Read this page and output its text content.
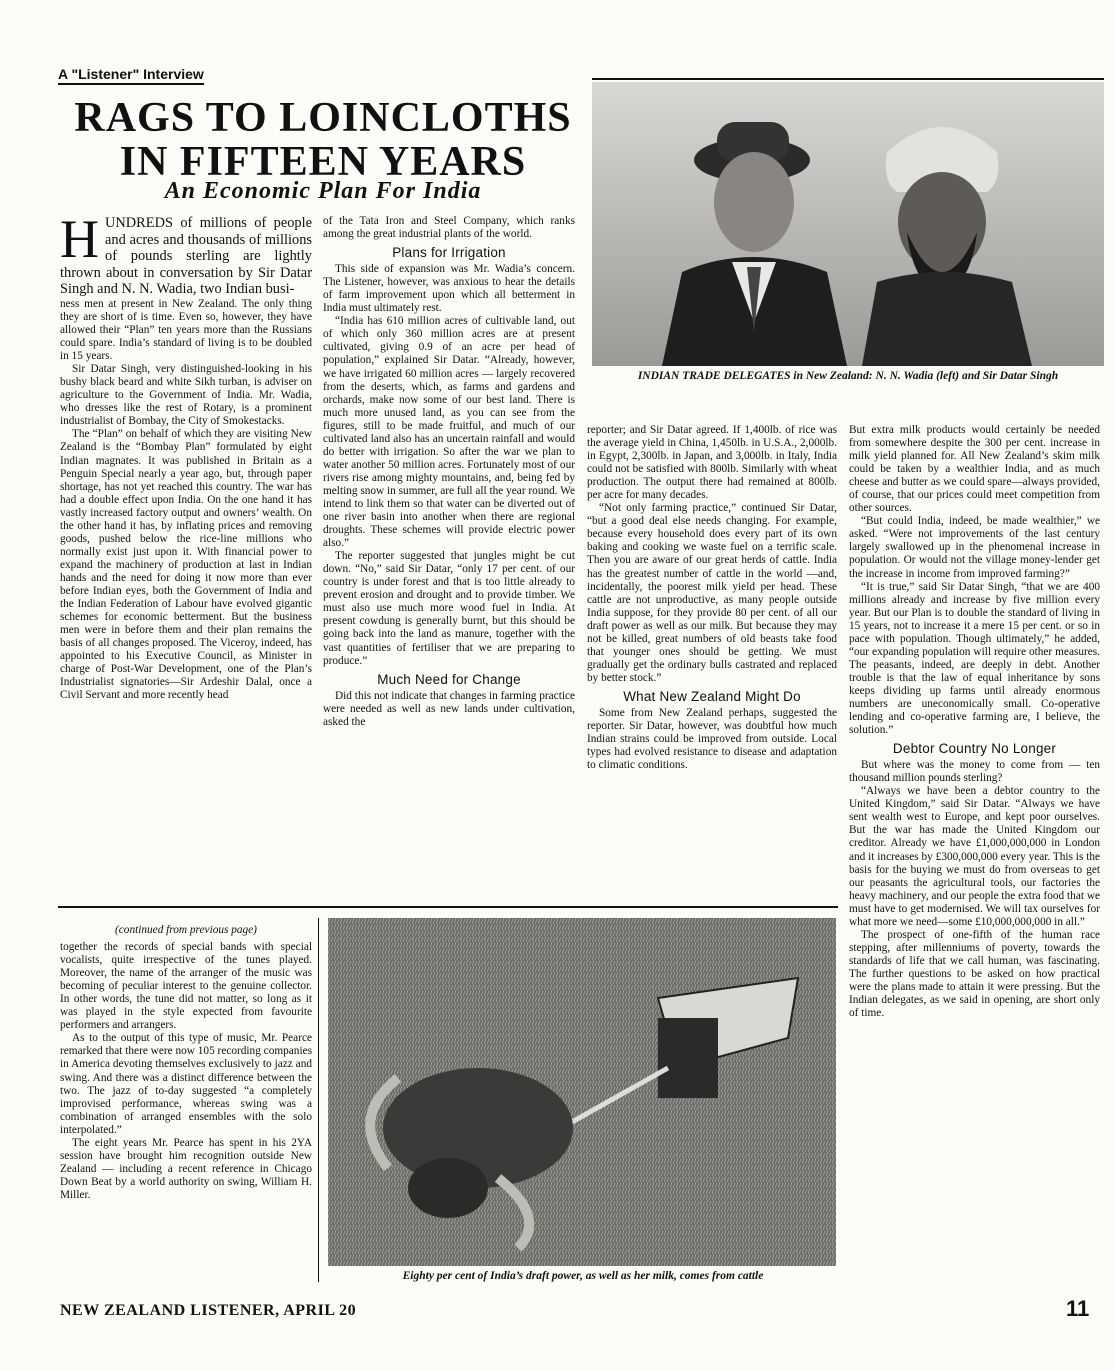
A "Listener" Interview
RAGS TO LOINCLOTHS
IN FIFTEEN YEARS
An Economic Plan For India

HUNDREDS of millions of people and acres and thousands of millions of pounds sterling are lightly thrown about in conversation by Sir Datar Singh and N. N. Wadia, two Indian busi-

ness men at present in New Zealand. The only thing they are short of is time. Even so, however, they have allowed their “Plan” ten years more than the Russians could spare. India’s standard of living is to be doubled in 15 years.

Sir Datar Singh, very distinguished-looking in his bushy black beard and white Sikh turban, is adviser on agriculture to the Government of India. Mr. Wadia, who dresses like the rest of Rotary, is a prominent industrialist of Bombay, the City of Smokestacks.

The “Plan” on behalf of which they are visiting New Zealand is the “Bombay Plan” formulated by eight Indian magnates. It was published in Britain as a Penguin Special nearly a year ago, but, through paper shortage, has not yet reached this country. The war has had a double effect upon India. On the one hand it has vastly increased factory output and owners’ wealth. On the other hand it has, by inflating prices and removing goods, pushed below the rice-line millions who normally exist just upon it. With financial power to expand the machinery of production at last in Indian hands and the need for doing it now more than ever before Indian eyes, both the Government of India and the Indian Federation of Labour have evolved gigantic schemes for economic betterment. But the business men were in before them and their plan remains the basis of all changes proposed. The Viceroy, indeed, has appointed to his Executive Council, as Minister in charge of Post-War Development, one of the Plan’s Industrialist signatories—Sir Ardeshir Dalal, once a Civil Servant and more recently head

of the Tata Iron and Steel Company, which ranks among the great industrial plants of the world.

Plans for Irrigation

This side of expansion was Mr. Wadia’s concern. The Listener, however, was anxious to hear the details of farm improvement upon which all betterment in India must ultimately rest.

“India has 610 million acres of cultivable land, out of which only 360 million acres are at present cultivated, giving 0.9 of an acre per head of population,” explained Sir Datar. “Already, however, we have irrigated 60 million acres — largely recovered from the deserts, which, as farms and gardens and orchards, make now some of our best land. There is much more unused land, as you can see from the figures, still to be made fruitful, and much of our cultivated land also has an uncertain rainfall and would do better with irrigation. So after the war we plan to water another 50 million acres. Fortunately most of our rivers rise among mighty mountains, and, being fed by melting snow in summer, are full all the year round. We intend to link them so that water can be diverted out of one river basin into another when there are regional droughts. These schemes will provide electric power also.”

The reporter suggested that jungles might be cut down. “No,” said Sir Datar, “only 17 per cent. of our country is under forest and that is too little already to prevent erosion and drought and to provide timber. We must also use much more wood fuel in India. At present cowdung is generally burnt, but this should be going back into the land as manure, together with the vast quantities of fertiliser that we are preparing to produce.”

Much Need for Change

Did this not indicate that changes in farming practice were needed as well as new lands under cultivation, asked the

INDIAN TRADE DELEGATES in New Zealand: N. N. Wadia (left) and Sir Datar Singh

reporter; and Sir Datar agreed. If 1,400lb. of rice was the average yield in China, 1,450lb. in U.S.A., 2,000lb. in Egypt, 2,300lb. in Japan, and 3,000lb. in Italy, India could not be satisfied with 800lb. Similarly with wheat production. The output there had remained at 800lb. per acre for many decades.

“Not only farming practice,” continued Sir Datar, “but a good deal else needs changing. For example, because every household does every part of its own baking and cooking we waste fuel on a terrific scale. Then you are aware of our great herds of cattle. India has the greatest number of cattle in the world —and, incidentally, the poorest milk yield per head. These cattle are not unproductive, as many people outside India suppose, for they provide 80 per cent. of all our draft power as well as our milk. But because they may not be killed, great numbers of old beasts take food that younger ones should be getting. We must gradually get the ordinary bulls castrated and replaced by better stock.”

What New Zealand Might Do

Some from New Zealand perhaps, suggested the reporter. Sir Datar, however, was doubtful how much Indian strains could be improved from outside. Local types had evolved resistance to disease and adaptation to climatic conditions.

But extra milk products would certainly be needed from somewhere despite the 300 per cent. increase in milk yield planned for. All New Zealand’s skim milk could be taken by a wealthier India, and as much cheese and butter as we could spare—always provided, of course, that our prices could meet competition from other sources.

“But could India, indeed, be made wealthier,” we asked. “Were not improvements of the last century largely swallowed up in the phenomenal increase in population. Or would not the village money-lender get the increase in income from improved farming?”

“It is true,” said Sir Datar Singh, “that we are 400 millions already and increase by five million every year. But our Plan is to double the standard of living in 15 years, not to increase it a mere 15 per cent. or so in pace with population. Though ultimately,” he added, “our expanding population will require other measures. The peasants, indeed, are deeply in debt. Another trouble is that the law of equal inheritance by sons keeps dividing up farms until already enormous numbers are uneconomically small. Co-operative lending and co-operative farming are, I believe, the solution.”

Debtor Country No Longer

But where was the money to come from — ten thousand million pounds sterling?

“Always we have been a debtor country to the United Kingdom,” said Sir Datar. “Always we have sent wealth west to Europe, and kept poor ourselves. But the war has made the United Kingdom our creditor. Already we have £1,000,000,000 in London and it increases by £300,000,000 every year. This is the basis for the buying we must do from overseas to get our peasants the agricultural tools, our factories the heavy machinery, and our people the extra food that we must have to get modernised. We will tax ourselves for what more we need—some £10,000,000,000 in all.”

The prospect of one-fifth of the human race stepping, after millenniums of poverty, towards the standards of life that we call human, was fascinating. The further questions to be asked on how practical were the plans made to attain it were pressing. But the Indian delegates, as we said in opening, are short only of time.

(continued from previous page)

together the records of special bands with special vocalists, quite irrespective of the tunes played. Moreover, the name of the arranger of the music was becoming of peculiar interest to the genuine collector. In other words, the tune did not matter, so long as it was played in the style expected from favourite performers and arrangers.

As to the output of this type of music, Mr. Pearce remarked that there were now 105 recording companies in America devoting themselves exclusively to jazz and swing. And there was a distinct difference between the two. The jazz of to-day suggested “a completely improvised performance, whereas swing was a combination of arranged ensembles with the solo interpolated.”

The eight years Mr. Pearce has spent in his 2YA session have brought him recognition outside New Zealand — including a recent reference in Chicago Down Beat by a world authority on swing, William H. Miller.

Eighty per cent of India’s draft power, as well as her milk, comes from cattle
NEW ZEALAND LISTENER, APRIL 20	11
